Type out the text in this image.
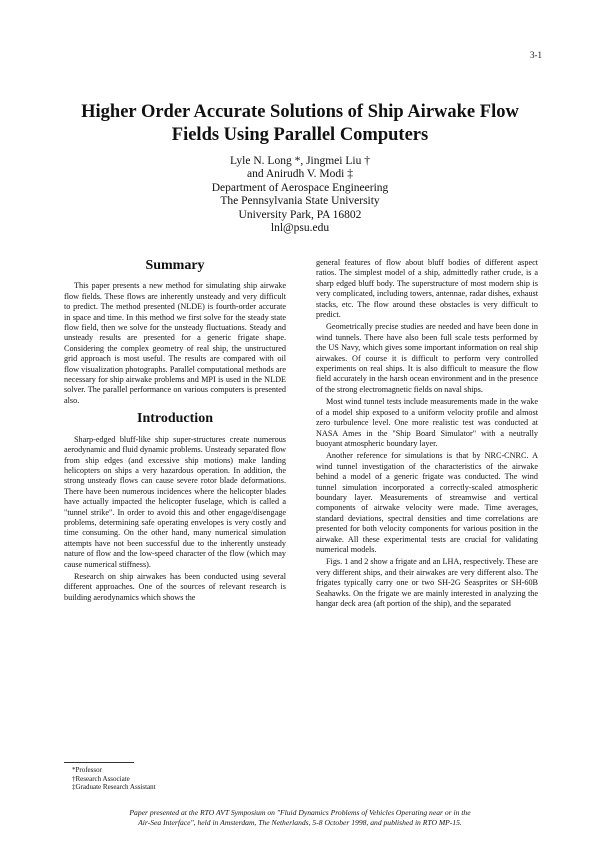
3-1
Higher Order Accurate Solutions of Ship Airwake Flow Fields Using Parallel Computers
Lyle N. Long *, Jingmei Liu †
and Anirudh V. Modi ‡
Department of Aerospace Engineering
The Pennsylvania State University
University Park, PA 16802
lnl@psu.edu
Summary

This paper presents a new method for simulating ship airwake flow fields. These flows are inherently unsteady and very difficult to predict. The method presented (NLDE) is fourth-order accurate in space and time. In this method we first solve for the steady state flow field, then we solve for the unsteady fluctuations. Steady and unsteady results are presented for a generic frigate shape. Considering the complex geometry of real ship, the unstructured grid approach is most useful. The results are compared with oil flow visualization photographs. Parallel computational methods are necessary for ship airwake problems and MPI is used in the NLDE solver. The parallel performance on various computers is presented also.

Introduction

Sharp-edged bluff-like ship super-structures create numerous aerodynamic and fluid dynamic problems. Unsteady separated flow from ship edges (and excessive ship motions) make landing helicopters on ships a very hazardous operation. In addition, the strong unsteady flows can cause severe rotor blade deformations. There have been numerous incidences where the helicopter blades have actually impacted the helicopter fuselage, which is called a "tunnel strike". In order to avoid this and other engage/disengage problems, determining safe operating envelopes is very costly and time consuming. On the other hand, many numerical simulation attempts have not been successful due to the inherently unsteady nature of flow and the low-speed character of the flow (which may cause numerical stiffness).

Research on ship airwakes has been conducted using several different approaches. One of the sources of relevant research is building aerodynamics which shows the

*Professor
†Research Associate
‡Graduate Research Assistant

general features of flow about bluff bodies of different aspect ratios. The simplest model of a ship, admittedly rather crude, is a sharp edged bluff body. The superstructure of most modern ship is very complicated, including towers, antennae, radar dishes, exhaust stacks, etc. The flow around these obstacles is very difficult to predict.

Geometrically precise studies are needed and have been done in wind tunnels. There have also been full scale tests performed by the US Navy, which gives some important information on real ship airwakes. Of course it is difficult to perform very controlled experiments on real ships. It is also difficult to measure the flow field accurately in the harsh ocean environment and in the presence of the strong electromagnetic fields on naval ships.

Most wind tunnel tests include measurements made in the wake of a model ship exposed to a uniform velocity profile and almost zero turbulence level. One more realistic test was conducted at NASA Ames in the "Ship Board Simulator" with a neutrally buoyant atmospheric boundary layer.

Another reference for simulations is that by NRC-CNRC. A wind tunnel investigation of the characteristics of the airwake behind a model of a generic frigate was conducted. The wind tunnel simulation incorporated a correctly-scaled atmospheric boundary layer. Measurements of streamwise and vertical components of airwake velocity were made. Time averages, standard deviations, spectral densities and time correlations are presented for both velocity components for various position in the airwake. All these experimental tests are crucial for validating numerical models.

Figs. 1 and 2 show a frigate and an LHA, respectively. These are very different ships, and their airwakes are very different also. The frigates typically carry one or two SH-2G Seasprites or SH-60B Seahawks. On the frigate we are mainly interested in analyzing the hangar deck area (aft portion of the ship), and the separated

Paper presented at the RTO AVT Symposium on "Fluid Dynamics Problems of Vehicles Operating near or in the
Air-Sea Interface", held in Amsterdam, The Netherlands, 5-8 October 1998, and published in RTO MP-15.
